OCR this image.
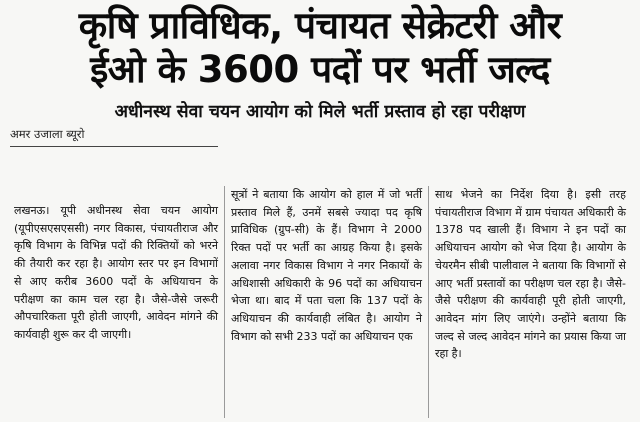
कृषि प्राविधिक, पंचायत सेक्रेटरी और
ईओ के 3600 पदों पर भर्ती जल्द
अधीनस्थ सेवा चयन आयोग को मिले भर्ती प्रस्ताव हो रहा परीक्षण
अमर उजाला ब्यूरो

लखनऊ। यूपी अधीनस्थ सेवा चयन आयोग (यूपीएसएसएससी) नगर विकास, पंचायतीराज और कृषि विभाग के विभिन्न पदों की रिक्तियों को भरने की तैयारी कर रहा है। आयोग स्तर पर इन विभागों से आए करीब 3600 पदों के अधियाचन के परीक्षण का काम चल रहा है। जैसे-जैसे जरूरी औपचारिकता पूरी होती जाएगी, आवेदन मांगने की कार्यवाही शुरू कर दी जाएगी।

सूत्रों ने बताया कि आयोग को हाल में जो भर्ती प्रस्ताव मिले हैं, उनमें सबसे ज्यादा पद कृषि प्राविधिक (ग्रुप-सी) के हैं। विभाग ने 2000 रिक्त पदों पर भर्ती का आग्रह किया है। इसके अलावा नगर विकास विभाग ने नगर निकायों के अधिशासी अधिकारी के 96 पदों का अधियाचन भेजा था। बाद में पता चला कि 137 पदों के अधियाचन की कार्यवाही लंबित है। आयोग ने विभाग को सभी 233 पदों का अधियाचन एक

साथ भेजने का निर्देश दिया है। इसी तरह पंचायतीराज विभाग में ग्राम पंचायत अधिकारी के 1378 पद खाली हैं। विभाग ने इन पदों का अधियाचन आयोग को भेज दिया है। आयोग के चेयरमैन सीबी पालीवाल ने बताया कि विभागों से आए भर्ती प्रस्तावों का परीक्षण चल रहा है। जैसे-जैसे परीक्षण की कार्यवाही पूरी होती जाएगी, आवेदन मांग लिए जाएंगे। उन्होंने बताया कि जल्द से जल्द आवेदन मांगने का प्रयास किया जा रहा है।
